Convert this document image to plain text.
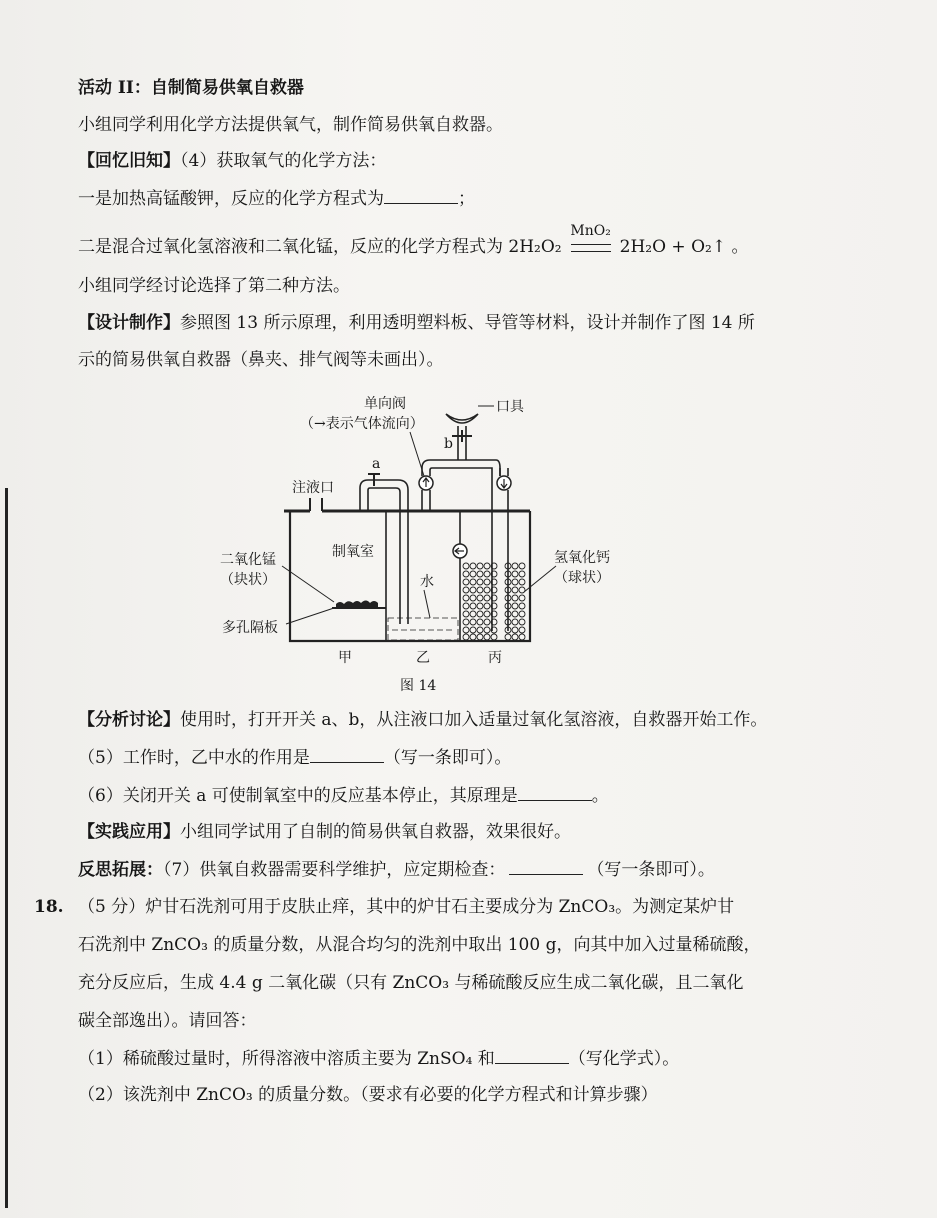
活动 II：自制简易供氧自救器
小组同学利用化学方法提供氧气，制作简易供氧自救器。
【回忆旧知】（4）获取氧气的化学方法：
一是加热高锰酸钾，反应的化学方程式为	；
二是混合过氧化氢溶液和二氧化锰，反应的化学方程式为 2H₂O₂
MnO₂
2H₂O + O₂↑ 。
小组同学经讨论选择了第二种方法。
【设计制作】参照图 13 所示原理，利用透明塑料板、导管等材料，设计并制作了图 14 所
示的简易供氧自救器（鼻夹、排气阀等未画出）。
单向阀
（→表示气体流向）
口具
a
b
注液口
二氧化锰
（块状）
制氧室
水
氢氧化钙
（球状）
多孔隔板
甲	乙	丙
图 14
【分析讨论】使用时，打开开关 a、b，从注液口加入适量过氧化氢溶液，自救器开始工作。
（5）工作时，乙中水的作用是	（写一条即可）。
（6）关闭开关 a 可使制氧室中的反应基本停止，其原理是	。
【实践应用】小组同学试用了自制的简易供氧自救器，效果很好。
反思拓展：（7）供氧自救器需要科学维护，应定期检查：	（写一条即可）。
18. （5 分）炉甘石洗剂可用于皮肤止痒，其中的炉甘石主要成分为 ZnCO₃。为测定某炉甘
石洗剂中 ZnCO₃ 的质量分数，从混合均匀的洗剂中取出 100 g，向其中加入过量稀硫酸，
充分反应后，生成 4.4 g 二氧化碳（只有 ZnCO₃ 与稀硫酸反应生成二氧化碳，且二氧化
碳全部逸出）。请回答：
（1）稀硫酸过量时，所得溶液中溶质主要为 ZnSO₄ 和	（写化学式）。
（2）该洗剂中 ZnCO₃ 的质量分数。（要求有必要的化学方程式和计算步骤）
